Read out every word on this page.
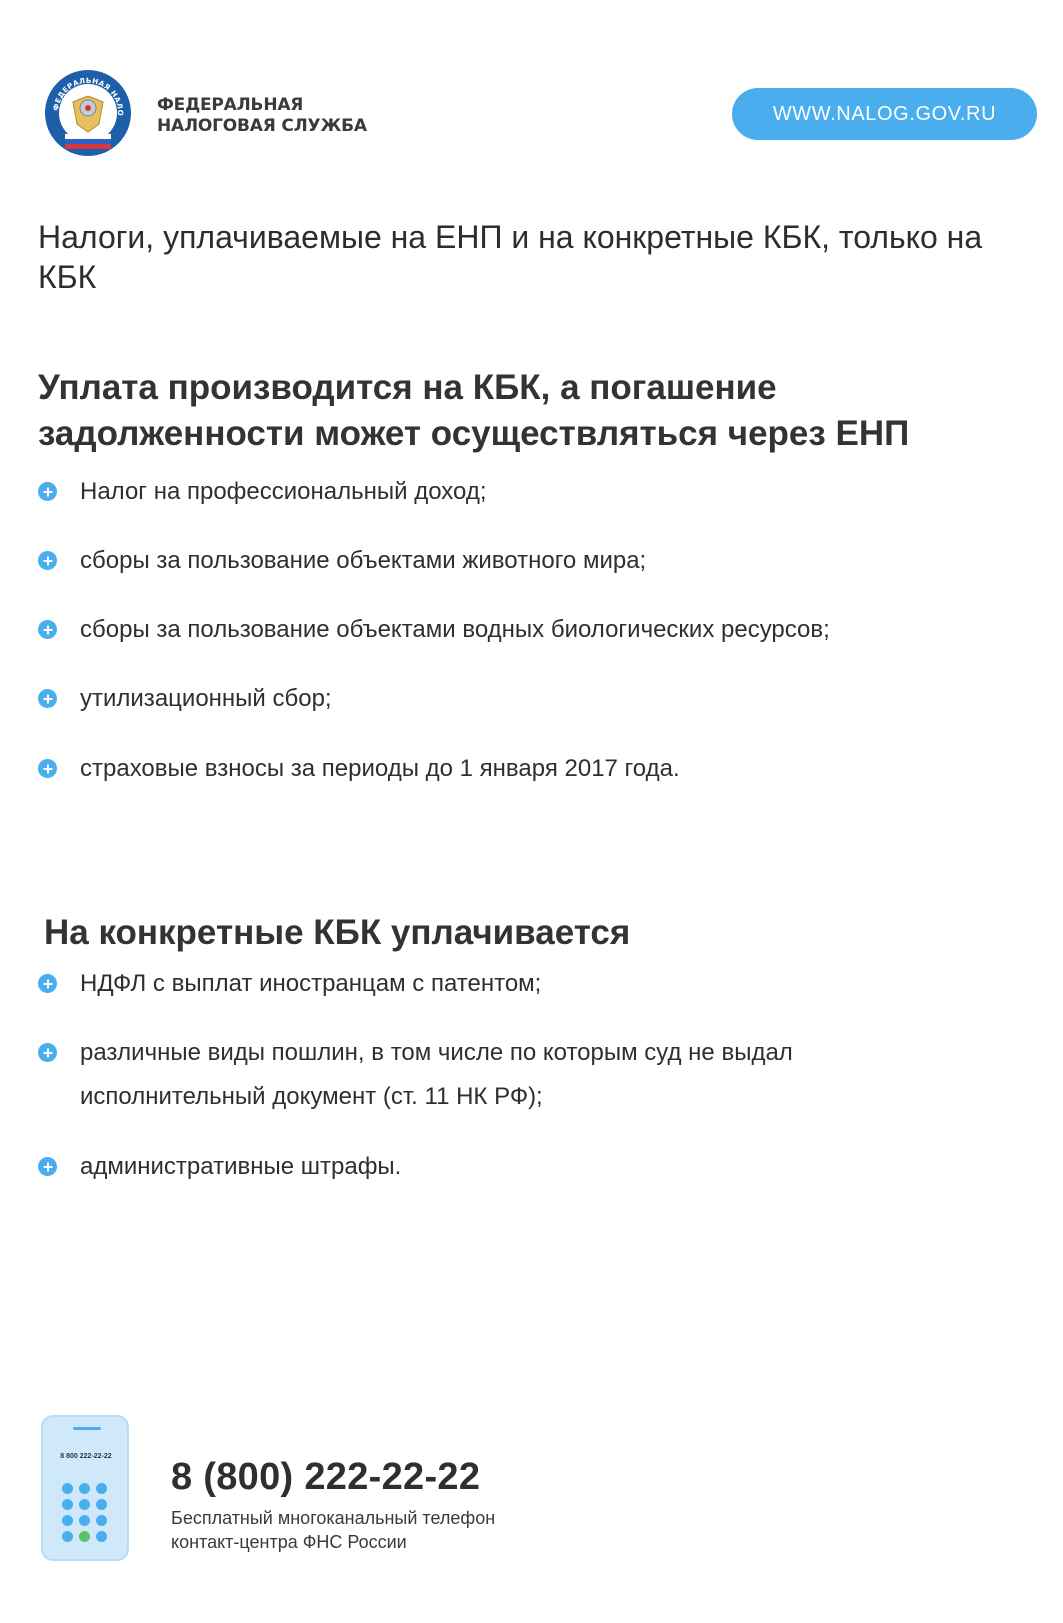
ФЕДЕРАЛЬНАЯ НАЛО ФЕДЕРАЛЬНАЯ
НАЛОГОВАЯ СЛУЖБА
WWW.NALOG.GOV.RU
Налоги, уплачиваемые на ЕНП и на конкретные КБК, только на КБК
Уплата производится на КБК, а погашение задолженности может осуществляться через ЕНП
Налог на профессиональный доход;
сборы за пользование объектами животного мира;
сборы за пользование объектами водных биологических ресурсов;
утилизационный сбор;
страховые взносы за периоды до 1 января 2017 года.
На конкретные КБК уплачивается
НДФЛ с выплат иностранцам с патентом;
различные виды пошлин, в том числе по которым суд не выдал исполнительный документ (ст. 11 НК РФ);
административные штрафы.
8 800 222-22-22	8 (800) 222-22-22
Бесплатный многоканальный телефон
контакт-центра ФНС России
